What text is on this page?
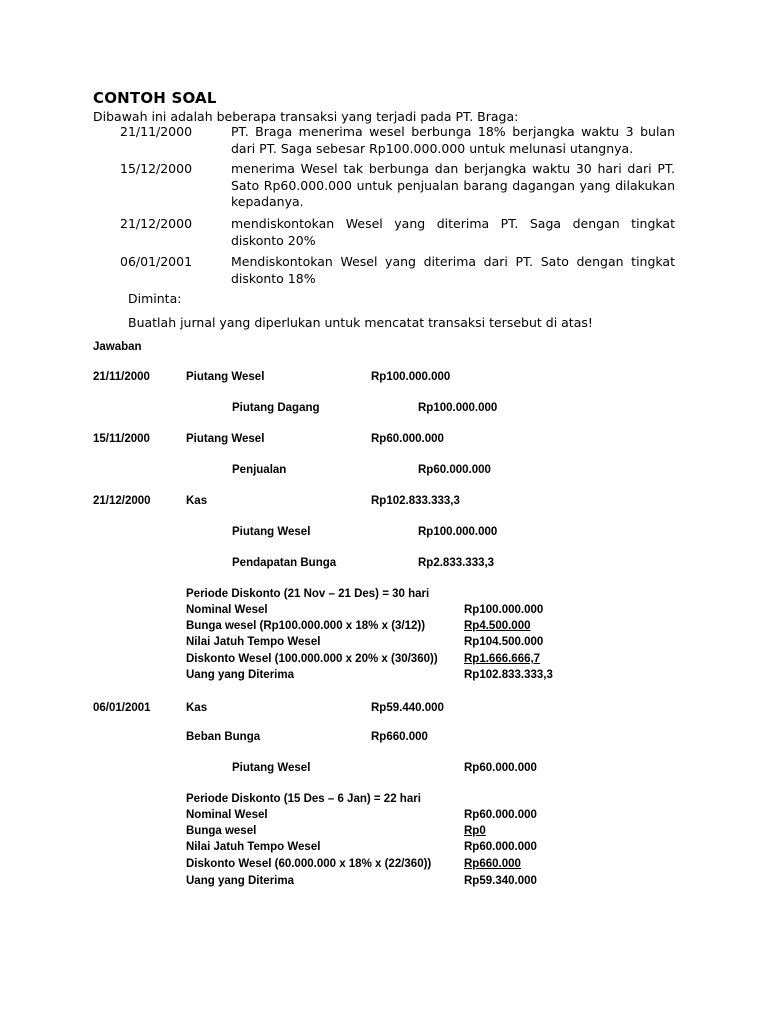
CONTOH SOAL
Dibawah ini adalah beberapa transaksi yang terjadi pada PT. Braga:
21/11/2000	PT. Braga menerima wesel berbunga 18% berjangka waktu 3 bulan dari PT. Saga sebesar Rp100.000.000 untuk melunasi utangnya.
15/12/2000	menerima Wesel tak berbunga dan berjangka waktu 30 hari dari PT. Sato Rp60.000.000 untuk penjualan barang dagangan yang dilakukan kepadanya.
21/12/2000	mendiskontokan Wesel yang diterima PT. Saga dengan tingkat diskonto 20%
06/01/2001	Mendiskontokan Wesel yang diterima dari PT. Sato dengan tingkat diskonto 18%
Diminta:
Buatlah jurnal yang diperlukan untuk mencatat transaksi tersebut di atas!
Jawaban
21/11/2000	Piutang Wesel	Rp100.000.000
Piutang Dagang	Rp100.000.000
15/11/2000	Piutang Wesel	Rp60.000.000
Penjualan	Rp60.000.000
21/12/2000	Kas	Rp102.833.333,3
Piutang Wesel	Rp100.000.000
Pendapatan Bunga	Rp2.833.333,3
Periode Diskonto (21 Nov – 21 Des) = 30 hari
Nominal Wesel	Rp100.000.000
Bunga wesel (Rp100.000.000 x 18% x (3/12))	Rp4.500.000
Nilai Jatuh Tempo Wesel	Rp104.500.000
Diskonto Wesel (100.000.000 x 20% x (30/360)) Rp1.666.666,7
Uang yang Diterima	Rp102.833.333,3
06/01/2001	Kas	Rp59.440.000
Beban Bunga	Rp660.000
Piutang Wesel	Rp60.000.000
Periode Diskonto (15 Des – 6 Jan) = 22 hari
Nominal Wesel	Rp60.000.000
Bunga wesel	Rp0
Nilai Jatuh Tempo Wesel	Rp60.000.000
Diskonto Wesel (60.000.000 x 18% x (22/360))	Rp660.000
Uang yang Diterima	Rp59.340.000
